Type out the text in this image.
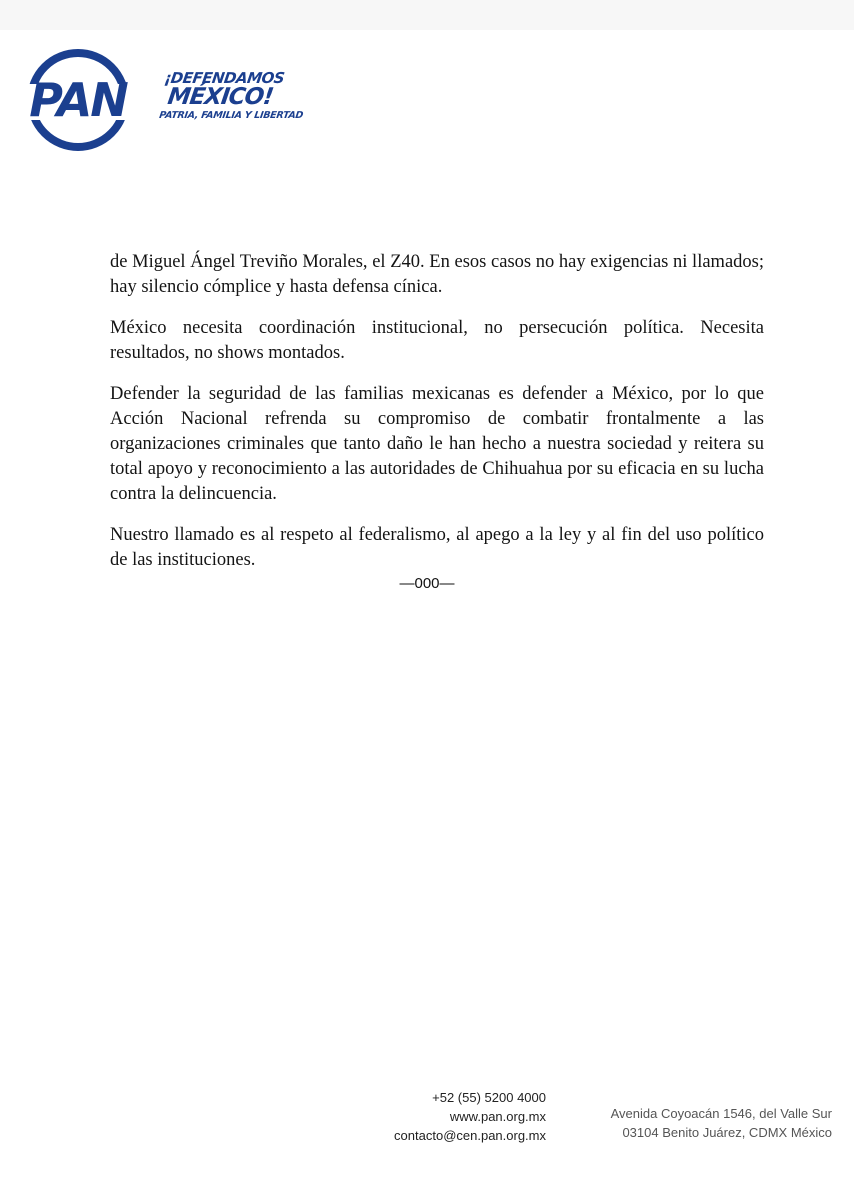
PAN ¡DEFENDAMOS
MÉXICO!
PATRIA, FAMILIA Y LIBERTAD

de Miguel Ángel Treviño Morales, el Z40. En esos casos no hay exigencias ni llamados; hay silencio cómplice y hasta defensa cínica.

México necesita coordinación institucional, no persecución política. Necesita resultados, no shows montados.

Defender la seguridad de las familias mexicanas es defender a México, por lo que Acción Nacional refrenda su compromiso de combatir frontalmente a las organizaciones criminales que tanto daño le han hecho a nuestra sociedad y reitera su total apoyo y reconocimiento a las autoridades de Chihuahua por su eficacia en su lucha contra la delincuencia.

Nuestro llamado es al respeto al federalismo, al apego a la ley y al fin del uso político de las instituciones.

—000—
+52 (55) 5200 4000
www.pan.org.mx
contacto@cen.pan.org.mx
Avenida Coyoacán 1546, del Valle Sur
03104 Benito Juárez, CDMX México
